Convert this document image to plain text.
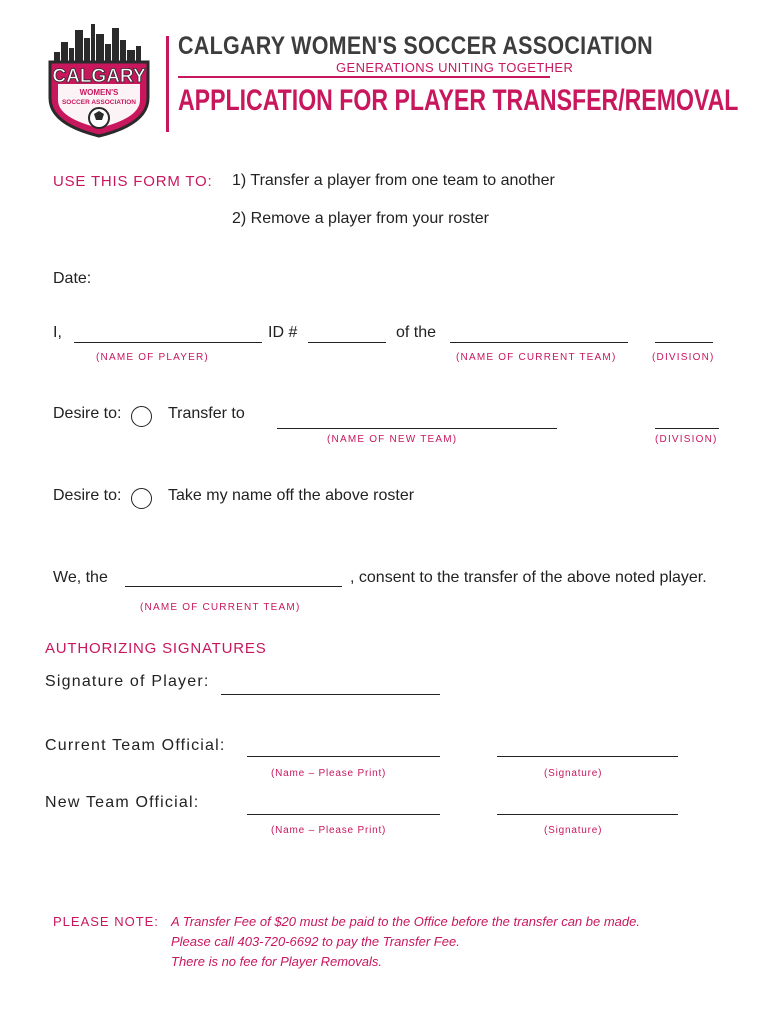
CALGARY
WOMEN'S
SOCCER ASSOCIATION
CALGARY WOMEN'S SOCCER ASSOCIATION
GENERATIONS UNITING TOGETHER
APPLICATION FOR PLAYER TRANSFER/REMOVAL
USE THIS FORM TO: 1) Transfer a player from one team to another
2) Remove a player from your roster
Date:
I,	ID #	of the
(NAME OF PLAYER)	(NAME OF CURRENT TEAM)	(DIVISION)
Desire to:	Transfer to
(NAME OF NEW TEAM)	(DIVISION)
Desire to:	Take my name off the above roster
We, the	, consent to the transfer of the above noted player.
(NAME OF CURRENT TEAM)
AUTHORIZING SIGNATURES
Signature of Player:
Current Team Official:
(Name – Please Print)	(Signature)
New Team Official:
(Name – Please Print)	(Signature)
PLEASE NOTE: A Transfer Fee of $20 must be paid to the Office before the transfer can be made.
Please call 403-720-6692 to pay the Transfer Fee.
There is no fee for Player Removals.
